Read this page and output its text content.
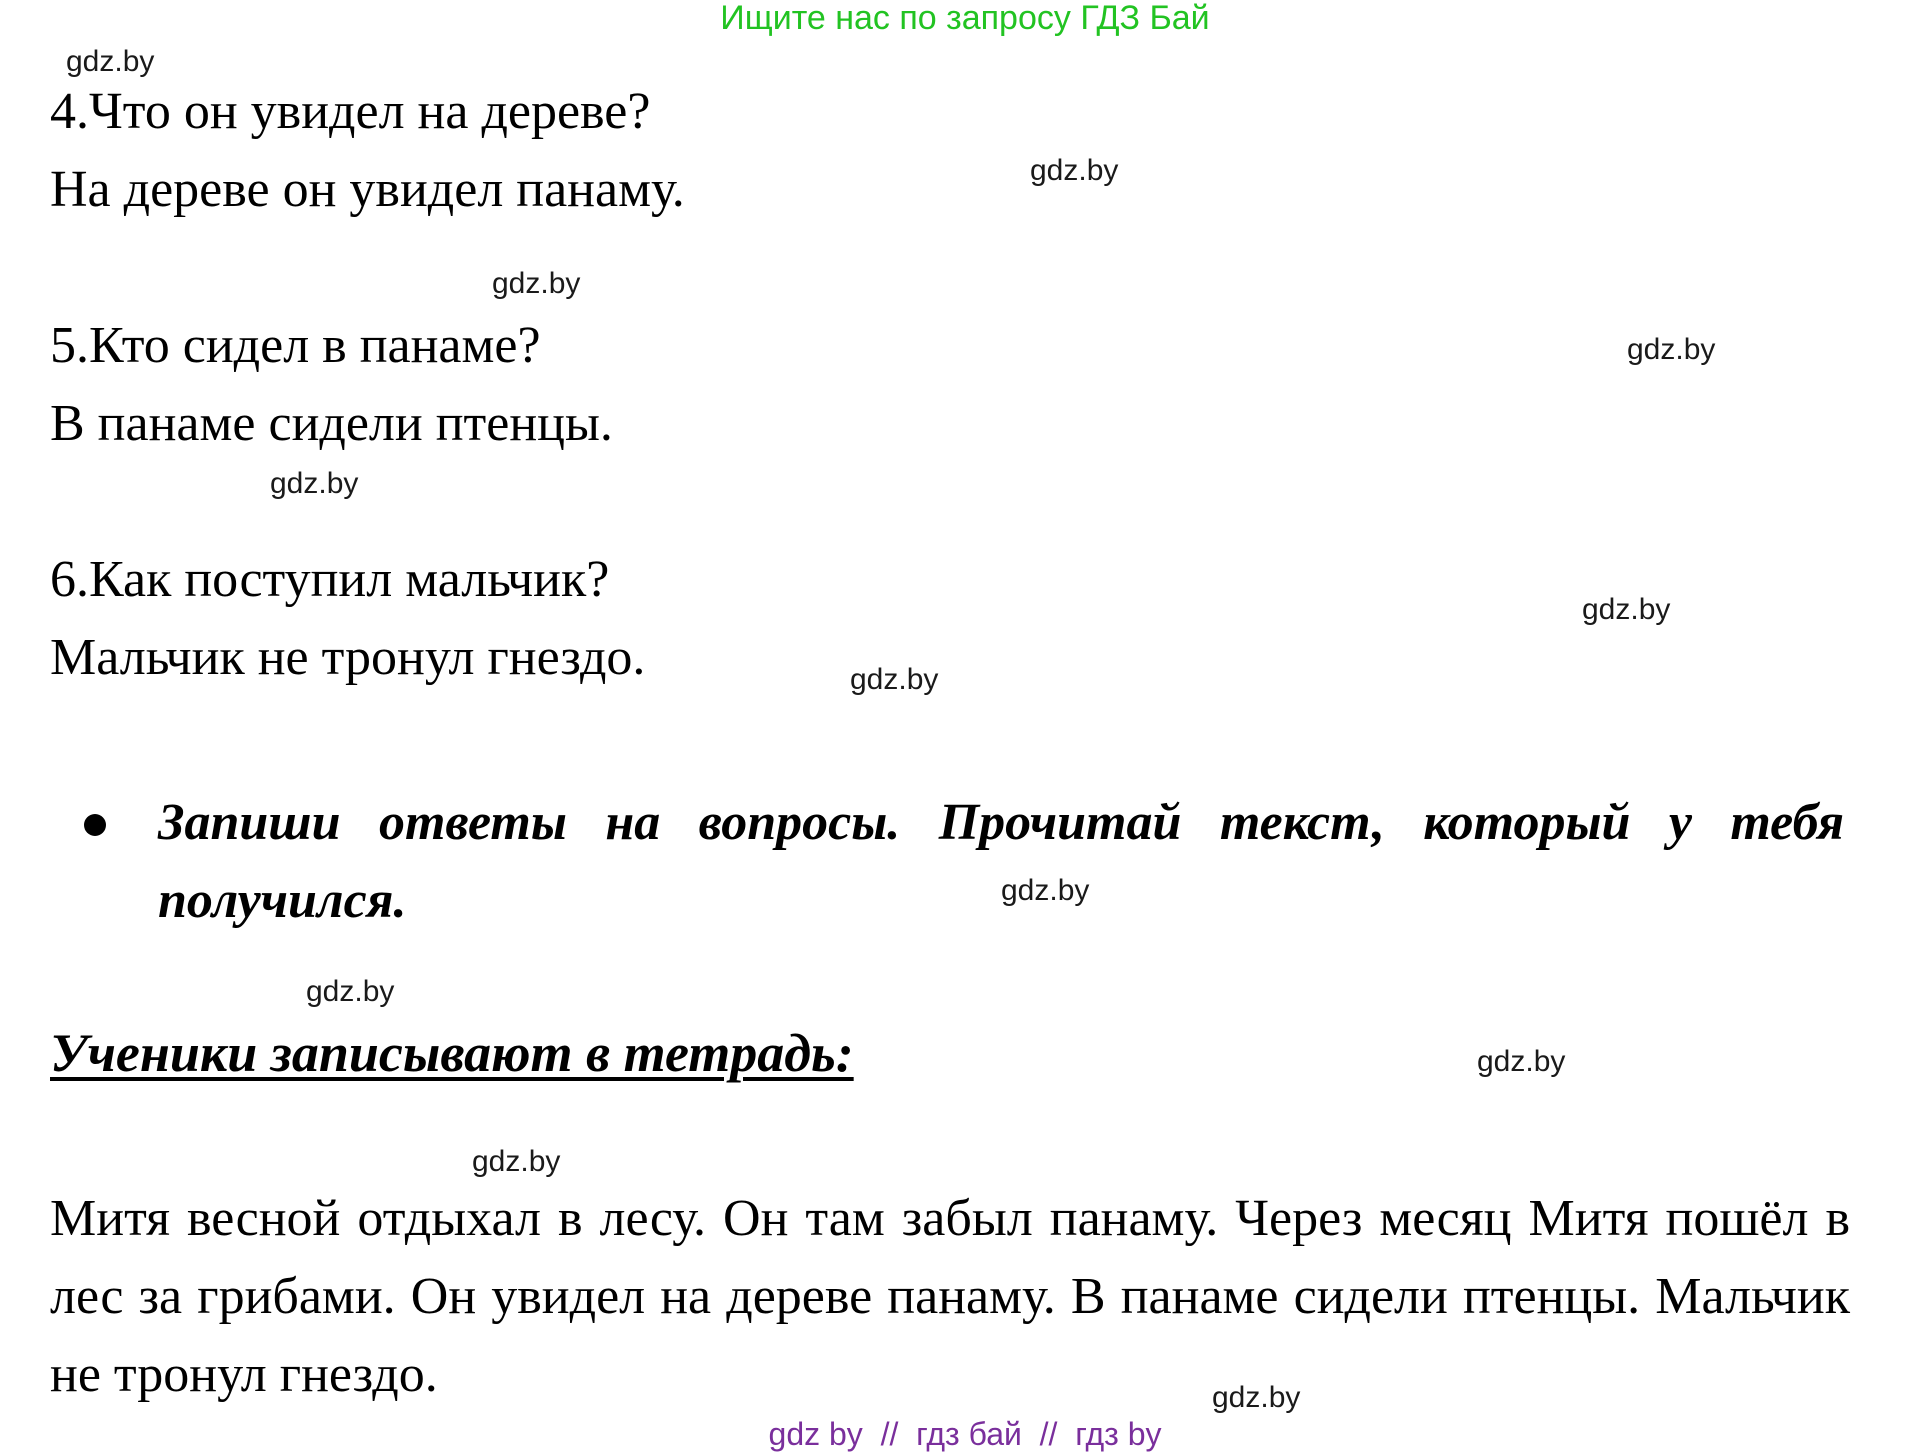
Ищите нас по запросу ГДЗ Бай
gdz.by
gdz.by
gdz.by
gdz.by
gdz.by
gdz.by
gdz.by
gdz.by
gdz.by
gdz.by
gdz.by
gdz.by
4.Что он увидел на дереве?
На дереве он увидел панаму.
5.Кто сидел в панаме?
В панаме сидели птенцы.
6.Как поступил мальчик?
Мальчик не тронул гнездо.
Запиши ответы на вопросы. Прочитай текст, который у тебя получился.
Ученики записывают в тетрадь:
Митя весной отдыхал в лесу. Он там забыл панаму. Через месяц Митя пошёл в лес за грибами. Он увидел на дереве панаму. В панаме сидели птенцы. Мальчик не тронул гнездо.
gdz by  //  гдз бай  //  гдз by
